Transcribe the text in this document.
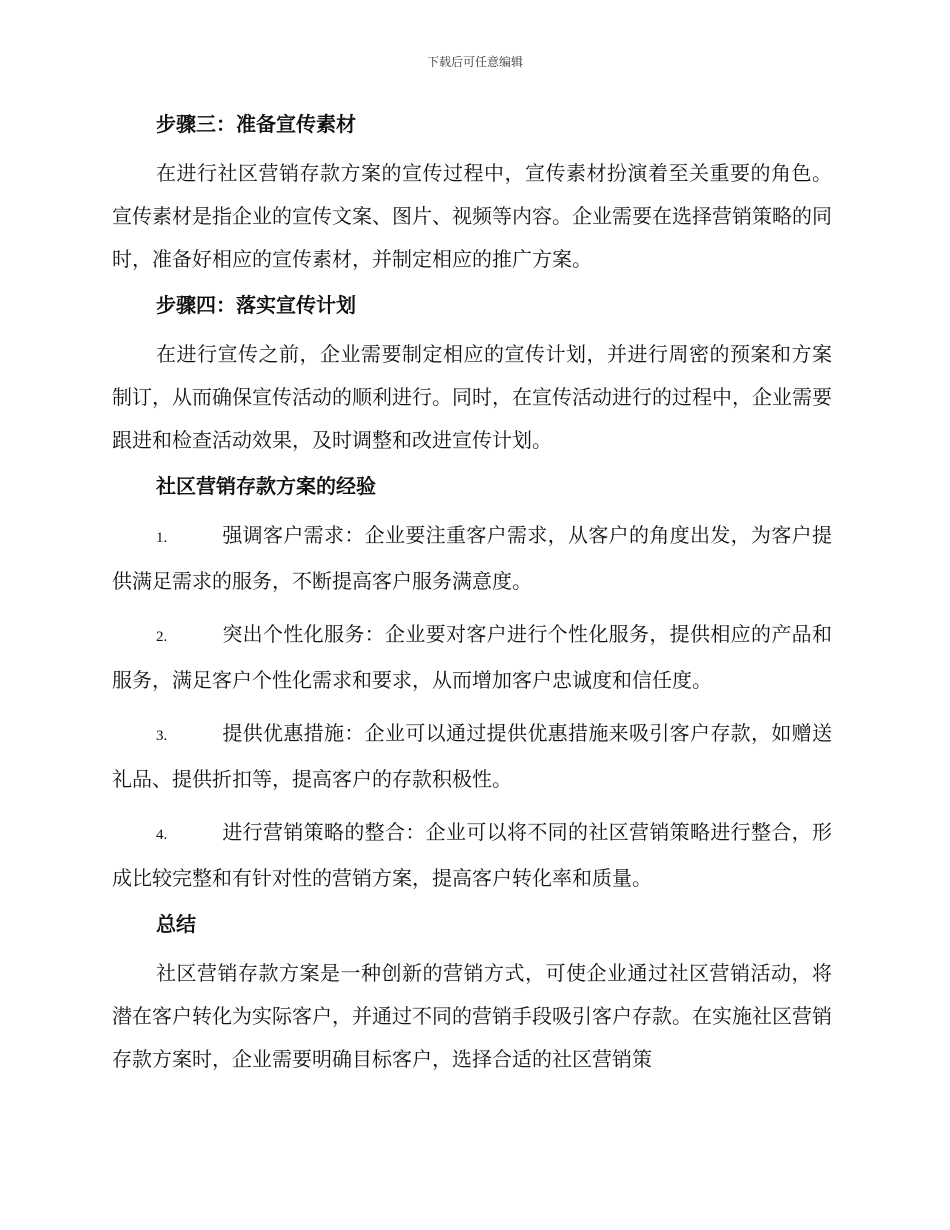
下载后可任意编辑
步骤三：准备宣传素材
在进行社区营销存款方案的宣传过程中，宣传素材扮演着至关重要的角色。宣传素材是指企业的宣传文案、图片、视频等内容。企业需要在选择营销策略的同时，准备好相应的宣传素材，并制定相应的推广方案。
步骤四：落实宣传计划
在进行宣传之前，企业需要制定相应的宣传计划，并进行周密的预案和方案制订，从而确保宣传活动的顺利进行。同时，在宣传活动进行的过程中，企业需要跟进和检查活动效果，及时调整和改进宣传计划。
社区营销存款方案的经验
1.	强调客户需求：企业要注重客户需求，从客户的角度出发，为客户提供满足需求的服务，不断提高客户服务满意度。
2.	突出个性化服务：企业要对客户进行个性化服务，提供相应的产品和服务，满足客户个性化需求和要求，从而增加客户忠诚度和信任度。
3.	提供优惠措施：企业可以通过提供优惠措施来吸引客户存款，如赠送礼品、提供折扣等，提高客户的存款积极性。
4.	进行营销策略的整合：企业可以将不同的社区营销策略进行整合，形成比较完整和有针对性的营销方案，提高客户转化率和质量。
总结
社区营销存款方案是一种创新的营销方式，可使企业通过社区营销活动，将潜在客户转化为实际客户，并通过不同的营销手段吸引客户存款。在实施社区营销存款方案时，企业需要明确目标客户，选择合适的社区营销策
